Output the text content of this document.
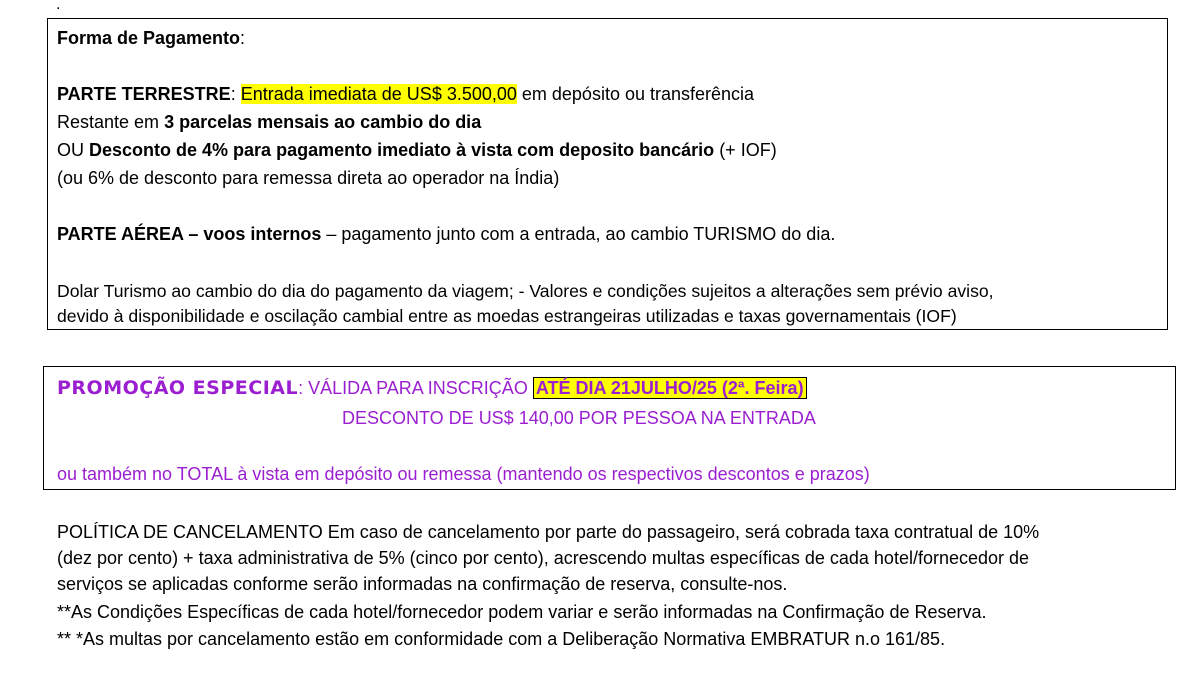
.
Forma de Pagamento:
PARTE TERRESTRE: Entrada imediata de US$ 3.500,00 em depósito ou transferência
Restante em 3 parcelas mensais ao cambio do dia
OU Desconto de 4% para pagamento imediato à vista com deposito bancário (+ IOF)
(ou 6% de desconto para remessa direta ao operador na Índia)
PARTE AÉREA – voos internos – pagamento junto com a entrada, ao cambio TURISMO do dia.
Dolar Turismo ao cambio do dia do pagamento da viagem; - Valores e condições sujeitos a alterações sem prévio aviso,
devido à disponibilidade e oscilação cambial entre as moedas estrangeiras utilizadas e taxas governamentais (IOF)
PROMOÇÃO ESPECIAL: VÁLIDA PARA INSCRIÇÃO ATÉ DIA 21JULHO/25 (2ª. Feira)
DESCONTO DE US$ 140,00 POR PESSOA NA ENTRADA
ou também no TOTAL à vista em depósito ou remessa (mantendo os respectivos descontos e prazos)
POLÍTICA DE CANCELAMENTO Em caso de cancelamento por parte do passageiro, será cobrada taxa contratual de 10%
(dez por cento) + taxa administrativa de 5% (cinco por cento), acrescendo multas específicas de cada hotel/fornecedor de
serviços se aplicadas conforme serão informadas na confirmação de reserva, consulte-nos.
**As Condições Específicas de cada hotel/fornecedor podem variar e serão informadas na Confirmação de Reserva.
** *As multas por cancelamento estão em conformidade com a Deliberação Normativa EMBRATUR n.o 161/85.
